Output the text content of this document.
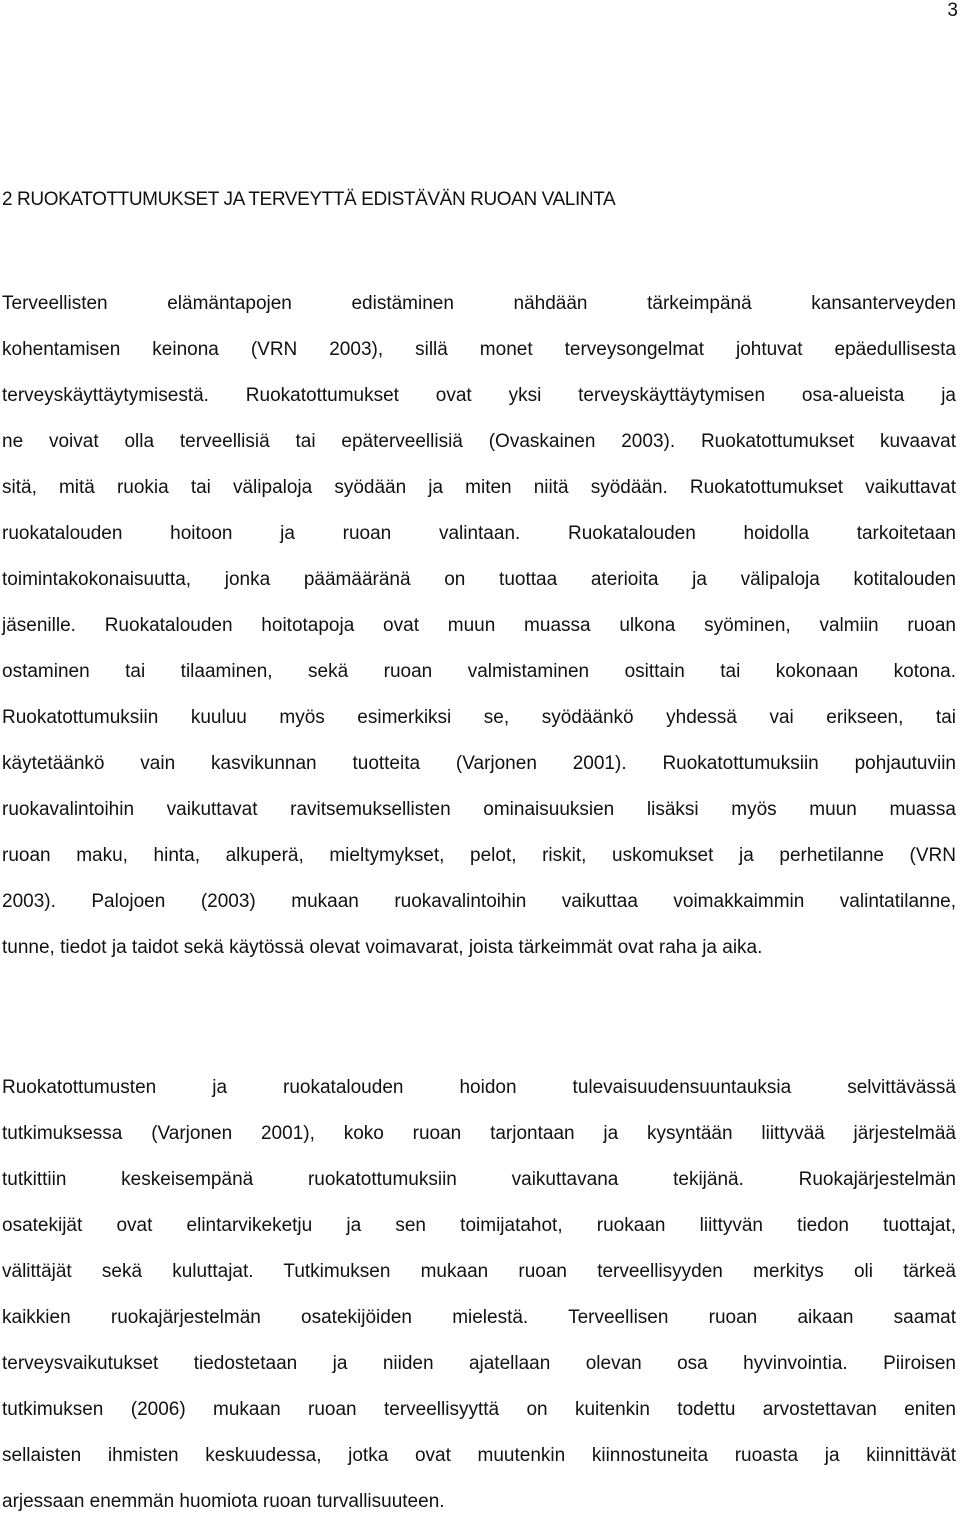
3
2 RUOKATOTTUMUKSET JA TERVEYTTÄ EDISTÄVÄN RUOAN VALINTA
Terveellisten elämäntapojen edistäminen nähdään tärkeimpänä kansanterveyden
kohentamisen keinona (VRN 2003), sillä monet terveysongelmat johtuvat epäedullisesta
terveyskäyttäytymisestä. Ruokatottumukset ovat yksi terveyskäyttäytymisen osa-alueista ja
ne voivat olla terveellisiä tai epäterveellisiä (Ovaskainen 2003). Ruokatottumukset kuvaavat
sitä, mitä ruokia tai välipaloja syödään ja miten niitä syödään. Ruokatottumukset vaikuttavat
ruokatalouden hoitoon ja ruoan valintaan. Ruokatalouden hoidolla tarkoitetaan
toimintakokonaisuutta, jonka päämääränä on tuottaa aterioita ja välipaloja kotitalouden
jäsenille. Ruokatalouden hoitotapoja ovat muun muassa ulkona syöminen, valmiin ruoan
ostaminen tai tilaaminen, sekä ruoan valmistaminen osittain tai kokonaan kotona.
Ruokatottumuksiin kuuluu myös esimerkiksi se, syödäänkö yhdessä vai erikseen, tai
käytetäänkö vain kasvikunnan tuotteita (Varjonen 2001). Ruokatottumuksiin pohjautuviin
ruokavalintoihin vaikuttavat ravitsemuksellisten ominaisuuksien lisäksi myös muun muassa
ruoan maku, hinta, alkuperä, mieltymykset, pelot, riskit, uskomukset ja perhetilanne (VRN
2003). Palojoen (2003) mukaan ruokavalintoihin vaikuttaa voimakkaimmin valintatilanne,
tunne, tiedot ja taidot sekä käytössä olevat voimavarat, joista tärkeimmät ovat raha ja aika.
Ruokatottumusten ja ruokatalouden hoidon tulevaisuudensuuntauksia selvittävässä
tutkimuksessa (Varjonen 2001), koko ruoan tarjontaan ja kysyntään liittyvää järjestelmää
tutkittiin keskeisempänä ruokatottumuksiin vaikuttavana tekijänä. Ruokajärjestelmän
osatekijät ovat elintarvikeketju ja sen toimijatahot, ruokaan liittyvän tiedon tuottajat,
välittäjät sekä kuluttajat. Tutkimuksen mukaan ruoan terveellisyyden merkitys oli tärkeä
kaikkien ruokajärjestelmän osatekijöiden mielestä. Terveellisen ruoan aikaan saamat
terveysvaikutukset tiedostetaan ja niiden ajatellaan olevan osa hyvinvointia. Piiroisen
tutkimuksen (2006) mukaan ruoan terveellisyyttä on kuitenkin todettu arvostettavan eniten
sellaisten ihmisten keskuudessa, jotka ovat muutenkin kiinnostuneita ruoasta ja kiinnittävät
arjessaan enemmän huomiota ruoan turvallisuuteen.
